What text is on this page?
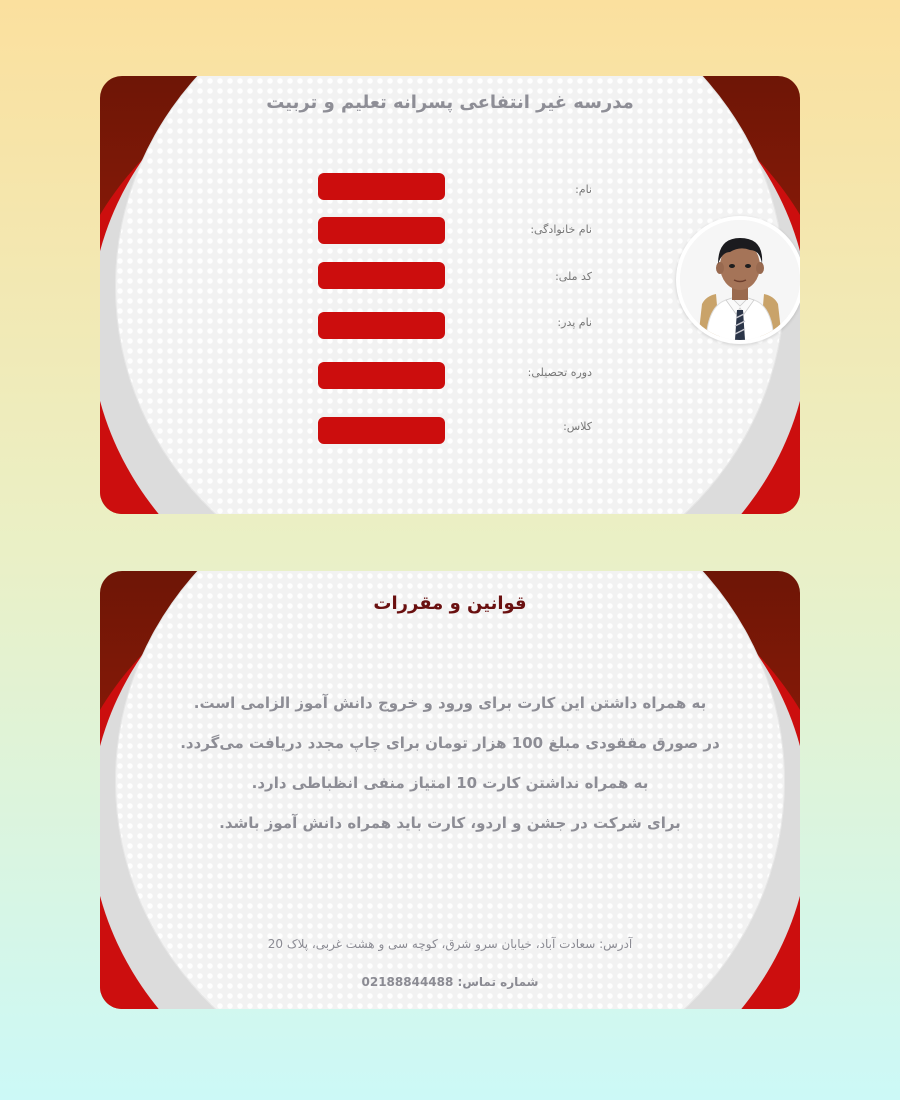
مدرسه غیر انتفاعی پسرانه تعلیم و تربیت
نام:
نام خانوادگی:
کد ملی:
نام پدر:
دوره تحصیلی:
کلاس:
قوانین و مقررات
به همراه داشتن این کارت برای ورود و خروج دانش آموز الزامی است.
در صورق مققودی مبلغ 100 هزار تومان برای چاپ مجدد دریافت می‌گردد.
به همراه نداشتن کارت 10 امتیاز منفی انظباطی دارد.
برای شرکت در جشن و اردو، کارت باید همراه دانش آموز باشد.
آدرس: سعادت آباد، خیابان سرو شرق، کوچه سی و هشت غربی، پلاک 20
شماره تماس: 02188844488
